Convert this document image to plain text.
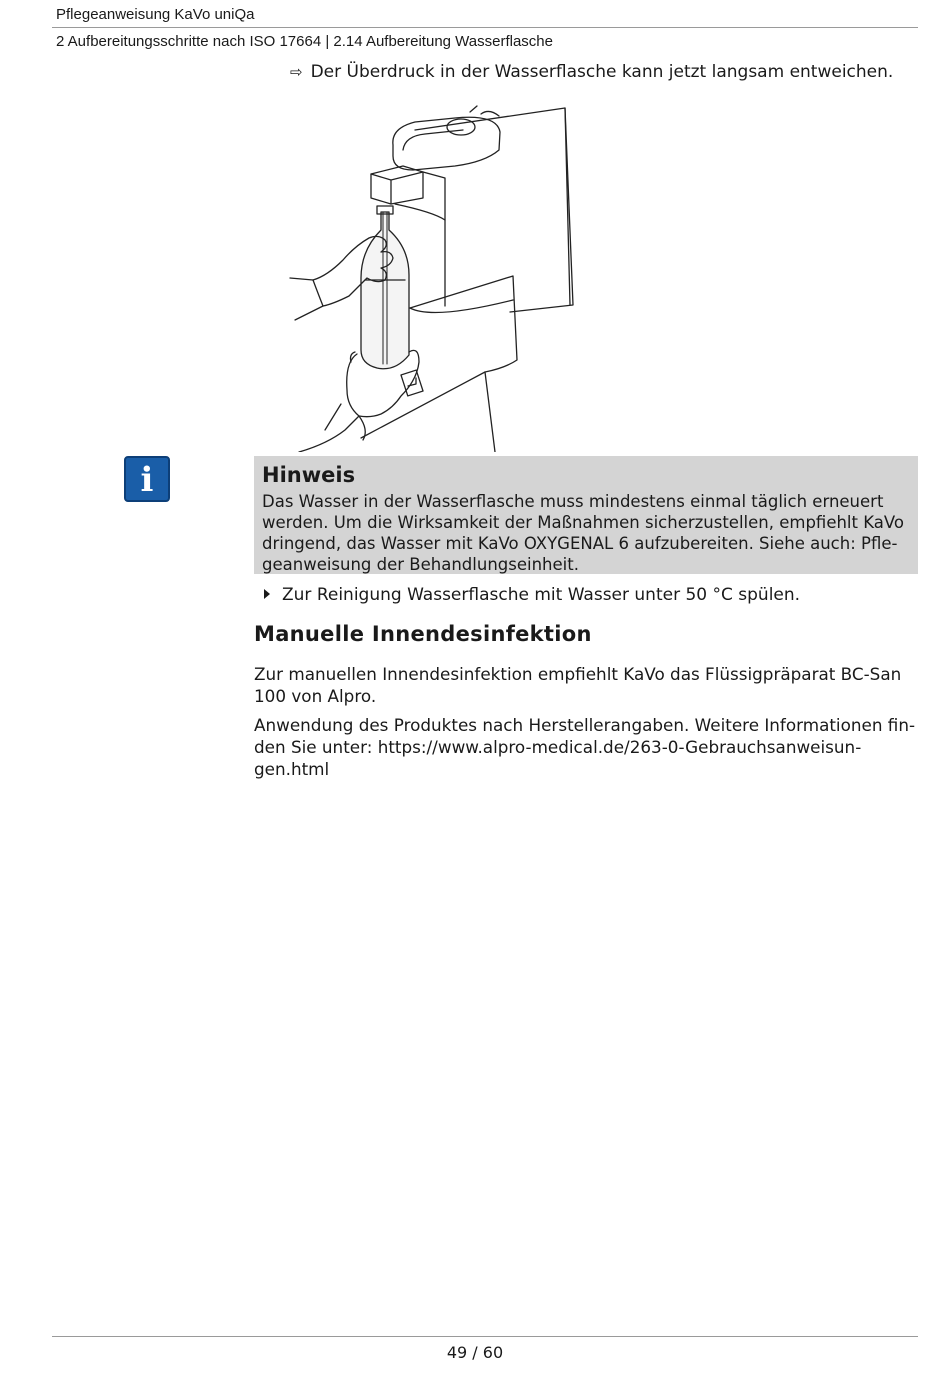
Pflegeanweisung KaVo uniQa
2 Aufbereitungsschritte nach ISO 17664 | 2.14 Aufbereitung Wasserflasche
⇨ Der Überdruck in der Wasserflasche kann jetzt langsam entweichen.
i	Hinweis

Das Wasser in der Wasserflasche muss mindestens einmal täglich erneuert werden. Um die Wirksamkeit der Maßnahmen sicherzustellen, empfiehlt KaVo dringend, das Wasser mit KaVo OXYGENAL 6 aufzubereiten. Siehe auch: Pflegeanweisung der Behandlungseinheit.

Zur Reinigung Wasserflasche mit Wasser unter 50 °C spülen.
Manuelle Innendesinfektion

Zur manuellen Innendesinfektion empfiehlt KaVo das Flüssigpräparat BC-San 100 von Alpro.

Anwendung des Produktes nach Herstellerangaben. Weitere Informationen finden Sie unter: https://www.alpro-medical.de/263-0-Gebrauchsanweisungen.html

49 / 60
